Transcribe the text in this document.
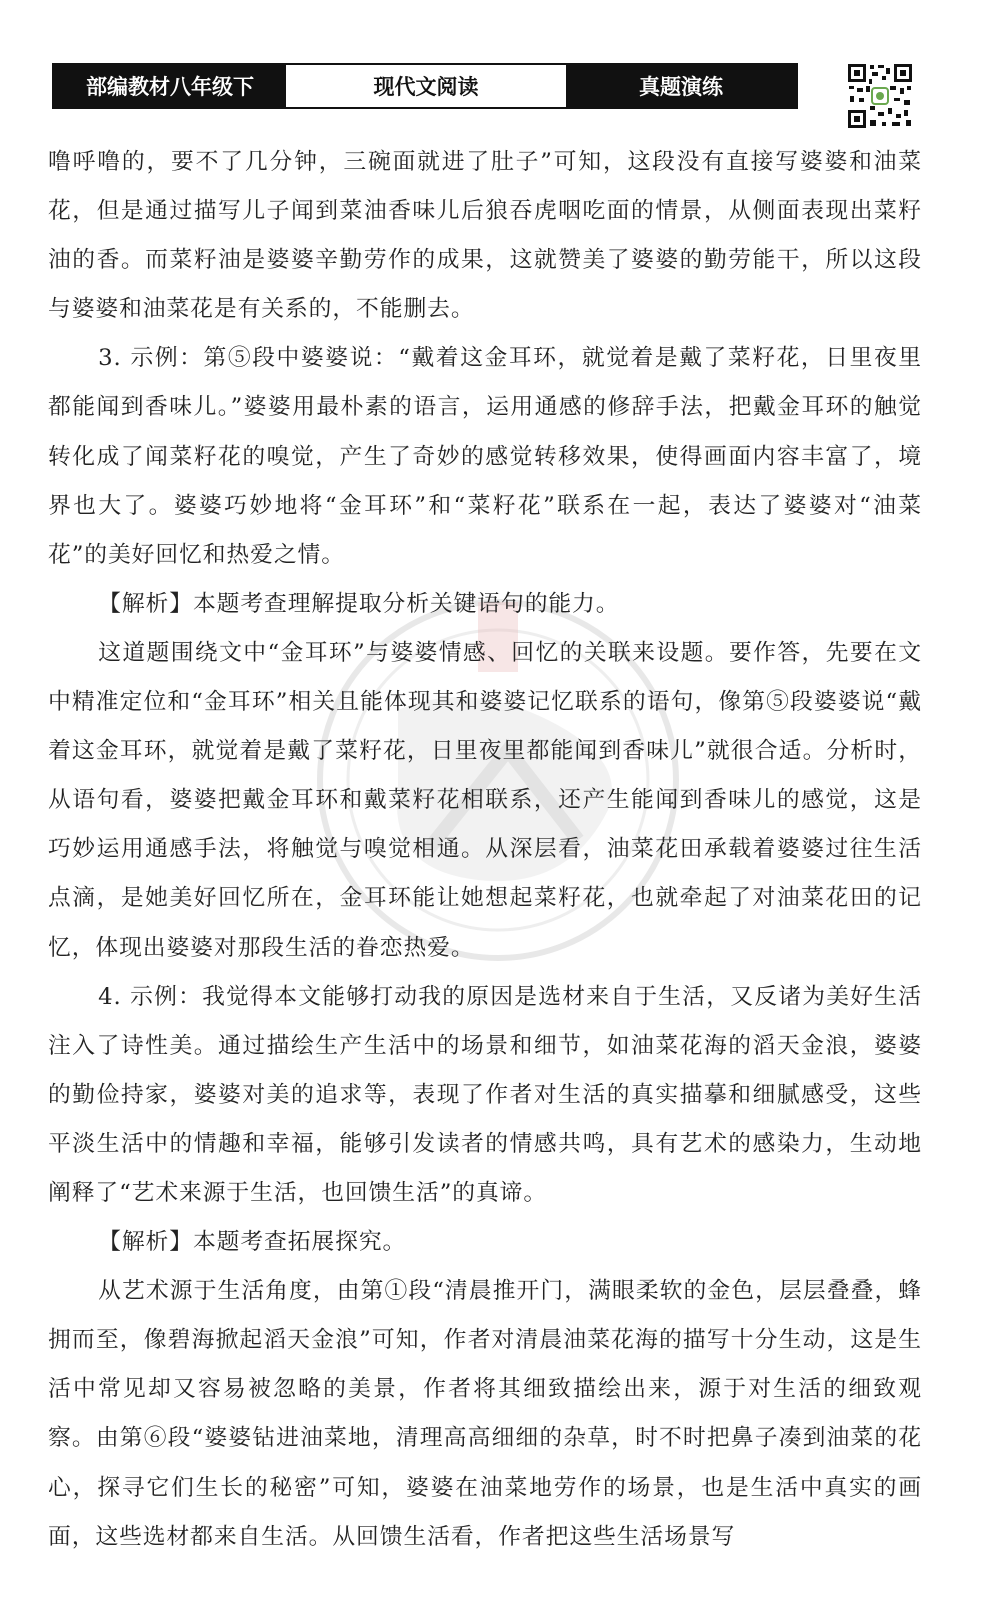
部编教材八年级下	现代文阅读	真题演练

噜呼噜的，要不了几分钟，三碗面就进了肚子”可知，这段没有直接写婆婆和油菜花，但是通过描写儿子闻到菜油香味儿后狼吞虎咽吃面的情景，从侧面表现出菜籽油的香。而菜籽油是婆婆辛勤劳作的成果，这就赞美了婆婆的勤劳能干，所以这段与婆婆和油菜花是有关系的，不能删去。

3. 示例：第⑤段中婆婆说：“戴着这金耳环，就觉着是戴了菜籽花，日里夜里都能闻到香味儿。”婆婆用最朴素的语言，运用通感的修辞手法，把戴金耳环的触觉转化成了闻菜籽花的嗅觉，产生了奇妙的感觉转移效果，使得画面内容丰富了，境界也大了。婆婆巧妙地将“金耳环”和“菜籽花”联系在一起，表达了婆婆对“油菜花”的美好回忆和热爱之情。

【解析】本题考查理解提取分析关键语句的能力。

这道题围绕文中“金耳环”与婆婆情感、回忆的关联来设题。要作答，先要在文中精准定位和“金耳环”相关且能体现其和婆婆记忆联系的语句，像第⑤段婆婆说“戴着这金耳环，就觉着是戴了菜籽花，日里夜里都能闻到香味儿”就很合适。分析时，从语句看，婆婆把戴金耳环和戴菜籽花相联系，还产生能闻到香味儿的感觉，这是巧妙运用通感手法，将触觉与嗅觉相通。从深层看，油菜花田承载着婆婆过往生活点滴，是她美好回忆所在，金耳环能让她想起菜籽花，也就牵起了对油菜花田的记忆，体现出婆婆对那段生活的眷恋热爱。

4. 示例：我觉得本文能够打动我的原因是选材来自于生活，又反诸为美好生活注入了诗性美。通过描绘生产生活中的场景和细节，如油菜花海的滔天金浪，婆婆的勤俭持家，婆婆对美的追求等，表现了作者对生活的真实描摹和细腻感受，这些平淡生活中的情趣和幸福，能够引发读者的情感共鸣，具有艺术的感染力，生动地阐释了“艺术来源于生活，也回馈生活”的真谛。

【解析】本题考查拓展探究。

从艺术源于生活角度，由第①段“清晨推开门，满眼柔软的金色，层层叠叠，蜂拥而至，像碧海掀起滔天金浪”可知，作者对清晨油菜花海的描写十分生动，这是生活中常见却又容易被忽略的美景，作者将其细致描绘出来，源于对生活的细致观察。由第⑥段“婆婆钻进油菜地，清理高高细细的杂草，时不时把鼻子凑到油菜的花心，探寻它们生长的秘密”可知，婆婆在油菜地劳作的场景，也是生活中真实的画面，这些选材都来自生活。从回馈生活看，作者把这些生活场景写
